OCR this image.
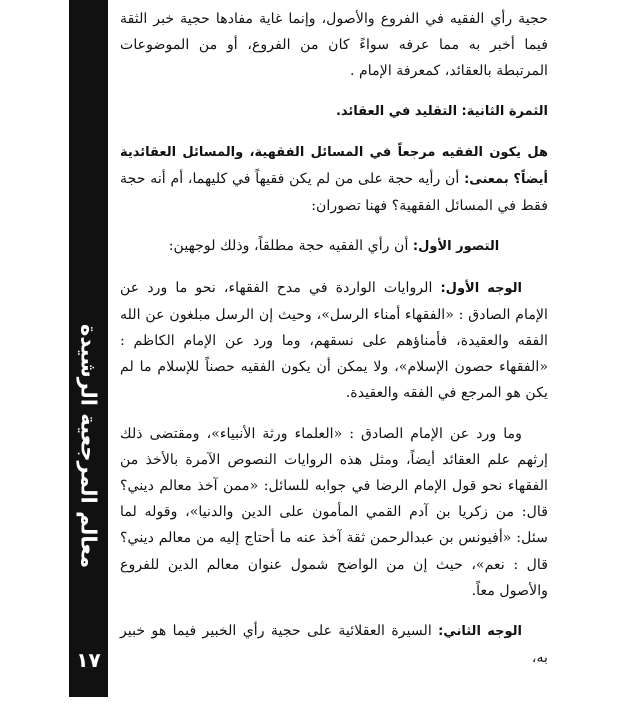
معالم المرجعية الرشيدة
١٧

حجية رأي الفقيه في الفروع والأصول، وإنما غاية مفادها حجية خبر الثقة فيما أخبر به مما عرفه سواءً كان من الفروع، أو من الموضوعات المرتبطة بالعقائد، كمعرفة الإمام .

الثمرة الثانية: التقليد في العقائد.

هل يكون الفقيه مرجعاً في المسائل الفقهية، والمسائل العقائدية أيضاً؟ بمعنى: أن رأيه حجة على من لم يكن فقيهاً في كليهما، أم أنه حجة فقط في المسائل الفقهية؟ فهنا تصوران:

التصور الأول: أن رأي الفقيه حجة مطلقاً، وذلك لوجهين:

الوجه الأول: الروايات الواردة في مدح الفقهاء، نحو ما ورد عن الإمام الصادق : «الفقهاء أمناء الرسل»، وحيث إن الرسل مبلغون عن الله الفقه والعقيدة، فأمناؤهم على نسقهم، وما ورد عن الإمام الكاظم : «الفقهاء حصون الإسلام»، ولا يمكن أن يكون الفقيه حصناً للإسلام ما لم يكن هو المرجع في الفقه والعقيدة.

وما ورد عن الإمام الصادق : «العلماء ورثة الأنبياء»، ومقتضى ذلك إرثهم علم العقائد أيضاً، ومثل هذه الروايات النصوص الآمرة بالأخذ من الفقهاء نحو قول الإمام الرضا في جوابه للسائل: «ممن آخذ معالم ديني؟ قال: من زكريا بن آدم القمي المأمون على الدين والدنيا»، وقوله لما سئل: «أفيونس بن عبدالرحمن ثقة آخذ عنه ما أحتاج إليه من معالم ديني؟ قال : نعم»، حيث إن من الواضح شمول عنوان معالم الدين للفروع والأصول معاً.

الوجه الثاني: السيرة العقلائية على حجية رأي الخبير فيما هو خبير به،
